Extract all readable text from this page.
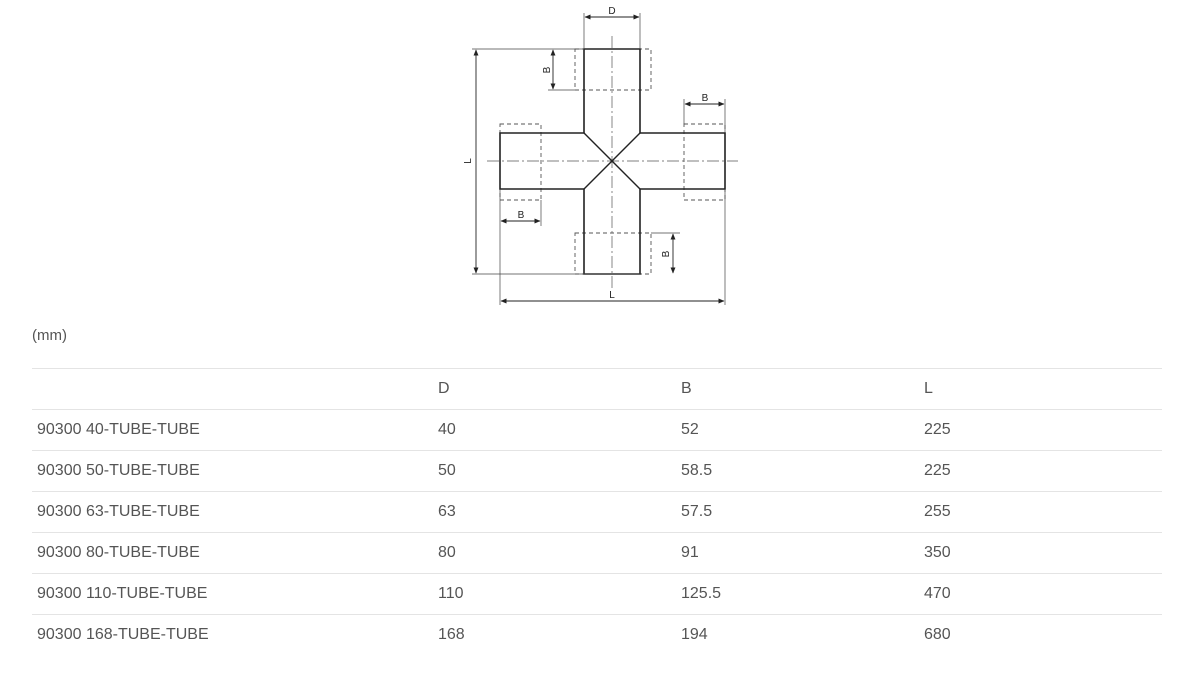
D
L
L
B
B
B
B
(mm)
	D	B	L
90300 40-TUBE-TUBE	40	52	225
90300 50-TUBE-TUBE	50	58.5	225
90300 63-TUBE-TUBE	63	57.5	255
90300 80-TUBE-TUBE	80	91	350
90300 110-TUBE-TUBE	110	125.5	470
90300 168-TUBE-TUBE	168	194	680
